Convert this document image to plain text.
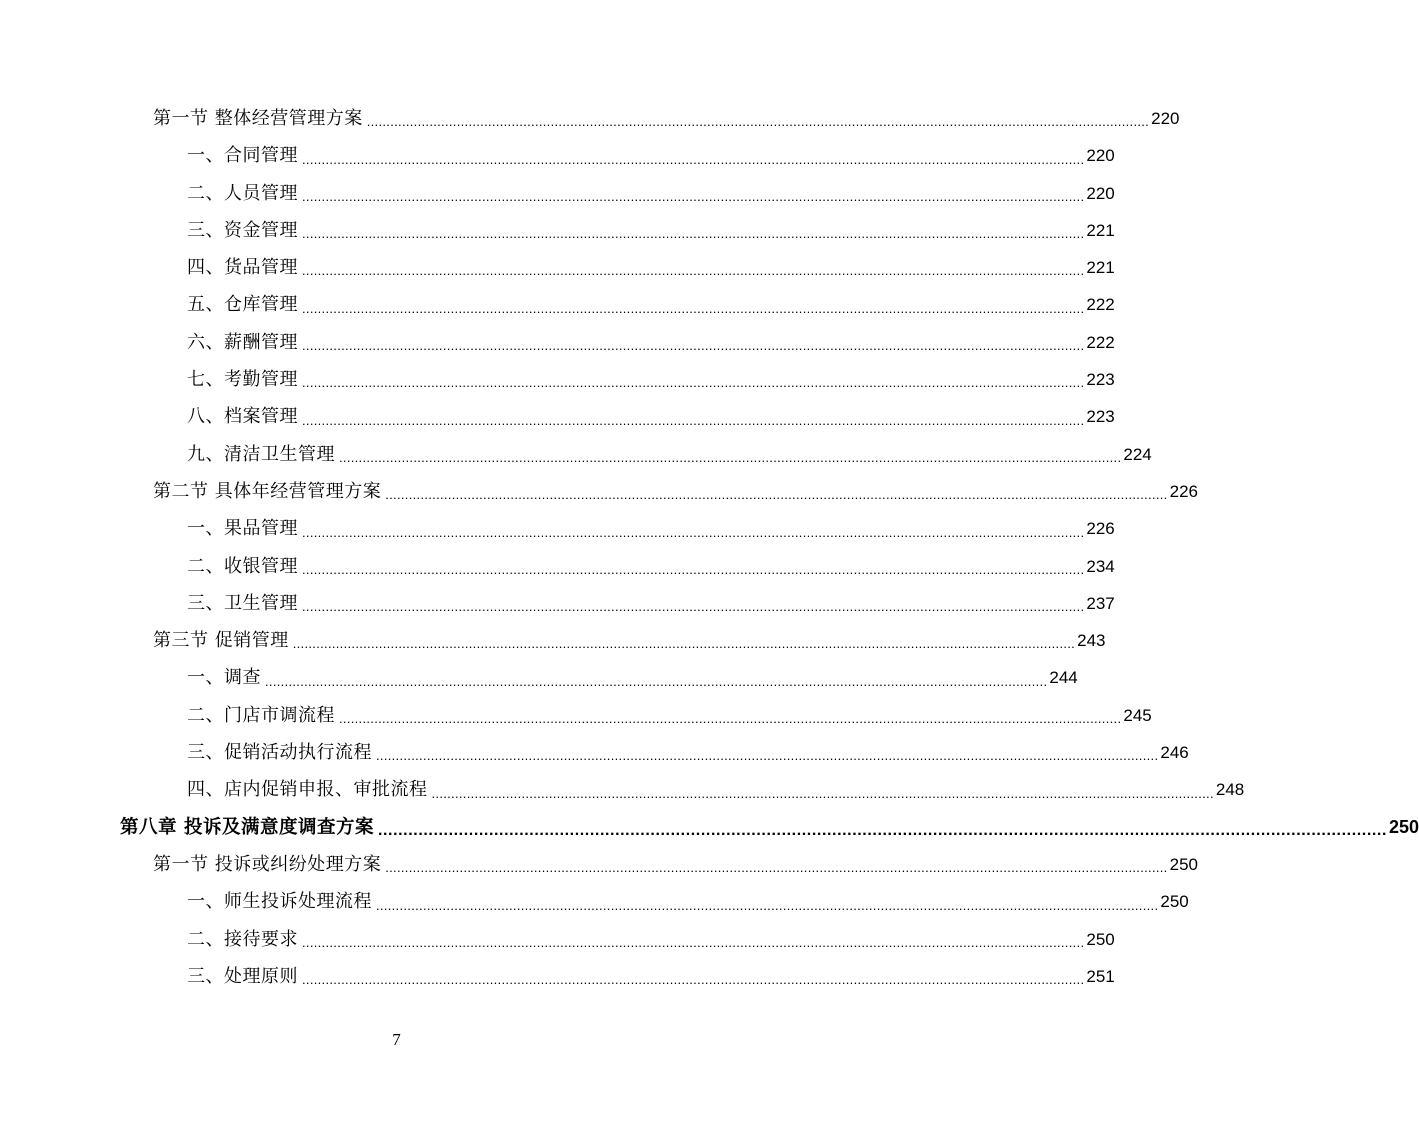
第一节 整体经营管理方案 ........................................................................................................................................................................................................ 220
一、合同管理 ........................................................................................................................................................................................................ 220
二、人员管理 ........................................................................................................................................................................................................ 220
三、资金管理 ........................................................................................................................................................................................................ 221
四、货品管理 ........................................................................................................................................................................................................ 221
五、仓库管理 ........................................................................................................................................................................................................ 222
六、薪酬管理 ........................................................................................................................................................................................................ 222
七、考勤管理 ........................................................................................................................................................................................................ 223
八、档案管理 ........................................................................................................................................................................................................ 223
九、清洁卫生管理 ........................................................................................................................................................................................................ 224
第二节 具体年经营管理方案 ........................................................................................................................................................................................................ 226
一、果品管理 ........................................................................................................................................................................................................ 226
二、收银管理 ........................................................................................................................................................................................................ 234
三、卫生管理 ........................................................................................................................................................................................................ 237
第三节 促销管理 ........................................................................................................................................................................................................ 243
一、调查 ........................................................................................................................................................................................................ 244
二、门店市调流程 ........................................................................................................................................................................................................ 245
三、促销活动执行流程 ........................................................................................................................................................................................................ 246
四、店内促销申报、审批流程 ........................................................................................................................................................................................................ 248
第八章 投诉及满意度调查方案 ........................................................................................................................................................................................................ 250
第一节 投诉或纠纷处理方案 ........................................................................................................................................................................................................ 250
一、师生投诉处理流程 ........................................................................................................................................................................................................ 250
二、接待要求 ........................................................................................................................................................................................................ 250
三、处理原则 ........................................................................................................................................................................................................ 251
7
